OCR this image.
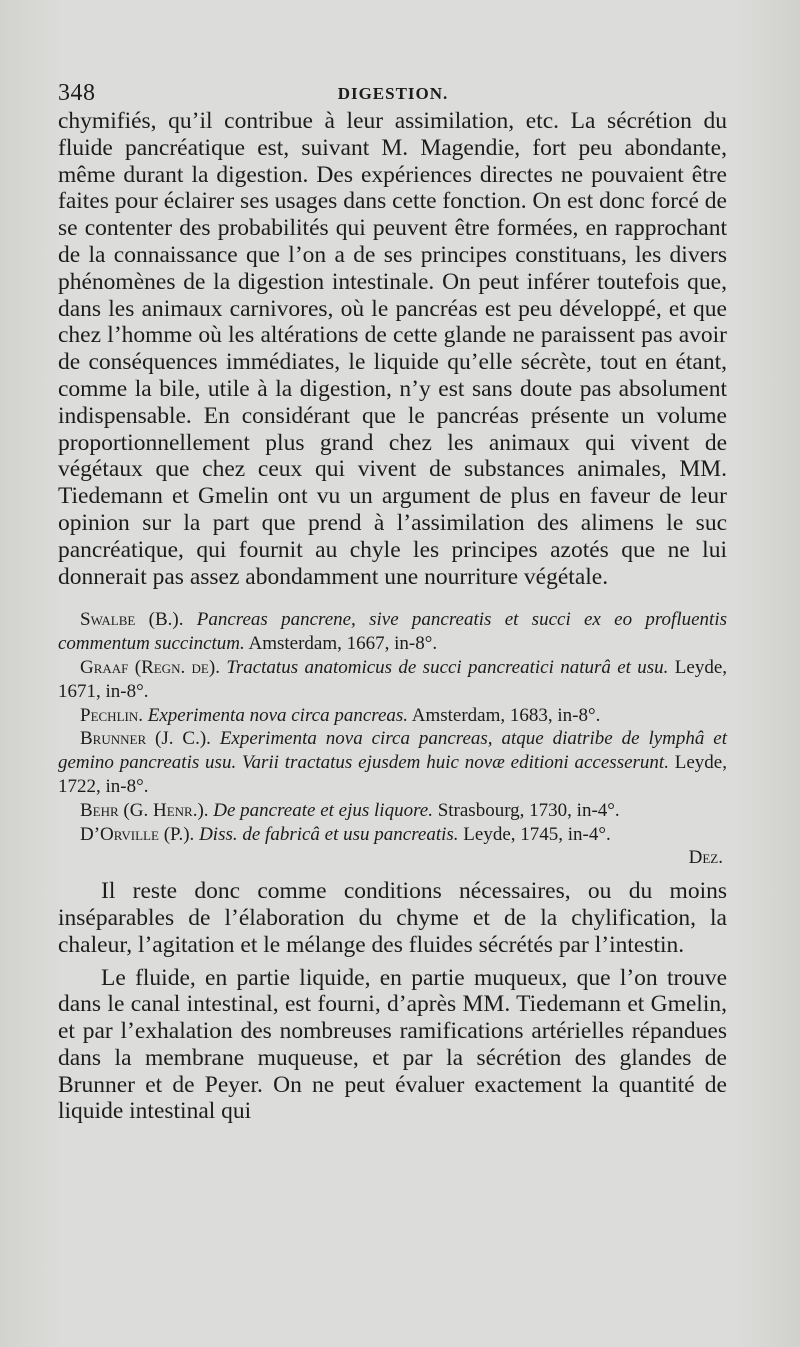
348	DIGESTION.

chymifiés, qu’il contribue à leur assimilation, etc. La sécrétion du fluide pancréatique est, suivant M. Magendie, fort peu abondante, même durant la digestion. Des expériences directes ne pouvaient être faites pour éclairer ses usages dans cette fonction. On est donc forcé de se contenter des probabilités qui peuvent être formées, en rapprochant de la connaissance que l’on a de ses principes constituans, les divers phénomènes de la digestion intestinale. On peut inférer toutefois que, dans les animaux carnivores, où le pancréas est peu développé, et que chez l’homme où les altérations de cette glande ne paraissent pas avoir de conséquences immédiates, le liquide qu’elle sécrète, tout en étant, comme la bile, utile à la digestion, n’y est sans doute pas absolument indispensable. En considérant que le pancréas présente un volume proportionnellement plus grand chez les animaux qui vivent de végétaux que chez ceux qui vivent de substances animales, MM. Tiedemann et Gmelin ont vu un argument de plus en faveur de leur opinion sur la part que prend à l’assimilation des alimens le suc pancréatique, qui fournit au chyle les principes azotés que ne lui donnerait pas assez abondamment une nourriture végétale.

Swalbe (B.). Pancreas pancrene, sive pancreatis et succi ex eo profluentis commentum succinctum. Amsterdam, 1667, in-8°.

Graaf (Regn. de). Tractatus anatomicus de succi pancreatici naturâ et usu. Leyde, 1671, in-8°.

Pechlin. Experimenta nova circa pancreas. Amsterdam, 1683, in-8°.

Brunner (J. C.). Experimenta nova circa pancreas, atque diatribe de lymphâ et gemino pancreatis usu. Varii tractatus ejusdem huic novæ editioni accesserunt. Leyde, 1722, in-8°.

Behr (G. Henr.). De pancreate et ejus liquore. Strasbourg, 1730, in-4°.

D’Orville (P.). Diss. de fabricâ et usu pancreatis. Leyde, 1745, in-4°.

Dez.

Il reste donc comme conditions nécessaires, ou du moins inséparables de l’élaboration du chyme et de la chylification, la chaleur, l’agitation et le mélange des fluides sécrétés par l’intestin.

Le fluide, en partie liquide, en partie muqueux, que l’on trouve dans le canal intestinal, est fourni, d’après MM. Tiedemann et Gmelin, et par l’exhalation des nombreuses ramifications artérielles répandues dans la membrane muqueuse, et par la sécrétion des glandes de Brunner et de Peyer. On ne peut évaluer exactement la quantité de liquide intestinal qui
